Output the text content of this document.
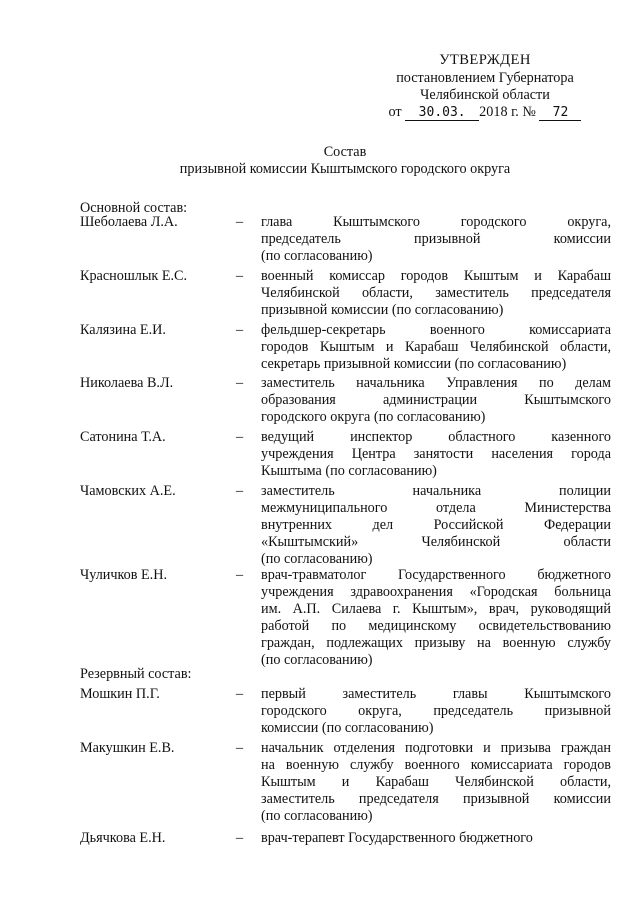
УТВЕРЖДЕН
постановлением Губернатора
Челябинской области
от 30.03. 2018 г. № 72
Состав
призывной комиссии Кыштымского городского округа
Основной состав:
Шеболаева Л.А.	– глава Кыштымского городского округа,
председатель призывной комиссии
(по согласованию)
Красношлык Е.С.	– военный комиссар городов Кыштым и Карабаш
Челябинской области, заместитель председателя
призывной комиссии (по согласованию)
Калязина Е.И.	– фельдшер-секретарь военного комиссариата
городов Кыштым и Карабаш Челябинской области,
секретарь призывной комиссии (по согласованию)
Николаева В.Л.	– заместитель начальника Управления по делам
образования администрации Кыштымского
городского округа (по согласованию)
Сатонина Т.А.	– ведущий инспектор областного казенного
учреждения Центра занятости населения города
Кыштыма (по согласованию)
Чамовских А.Е.	– заместитель начальника полиции
межмуниципального отдела Министерства
внутренних дел Российской Федерации
«Кыштымский» Челябинской области
(по согласованию)
Чуличков Е.Н.	– врач-травматолог Государственного бюджетного
учреждения здравоохранения «Городская больница
им. А.П. Силаева г. Кыштым», врач, руководящий
работой по медицинскому освидетельствованию
граждан, подлежащих призыву на военную службу
(по согласованию)
Резервный состав:
Мошкин П.Г.	– первый заместитель главы Кыштымского
городского округа, председатель призывной
комиссии (по согласованию)
Макушкин Е.В.	– начальник отделения подготовки и призыва граждан
на военную службу военного комиссариата городов
Кыштым и Карабаш Челябинской области,
заместитель председателя призывной комиссии
(по согласованию)
Дьячкова Е.Н.	– врач-терапевт Государственного бюджетного
